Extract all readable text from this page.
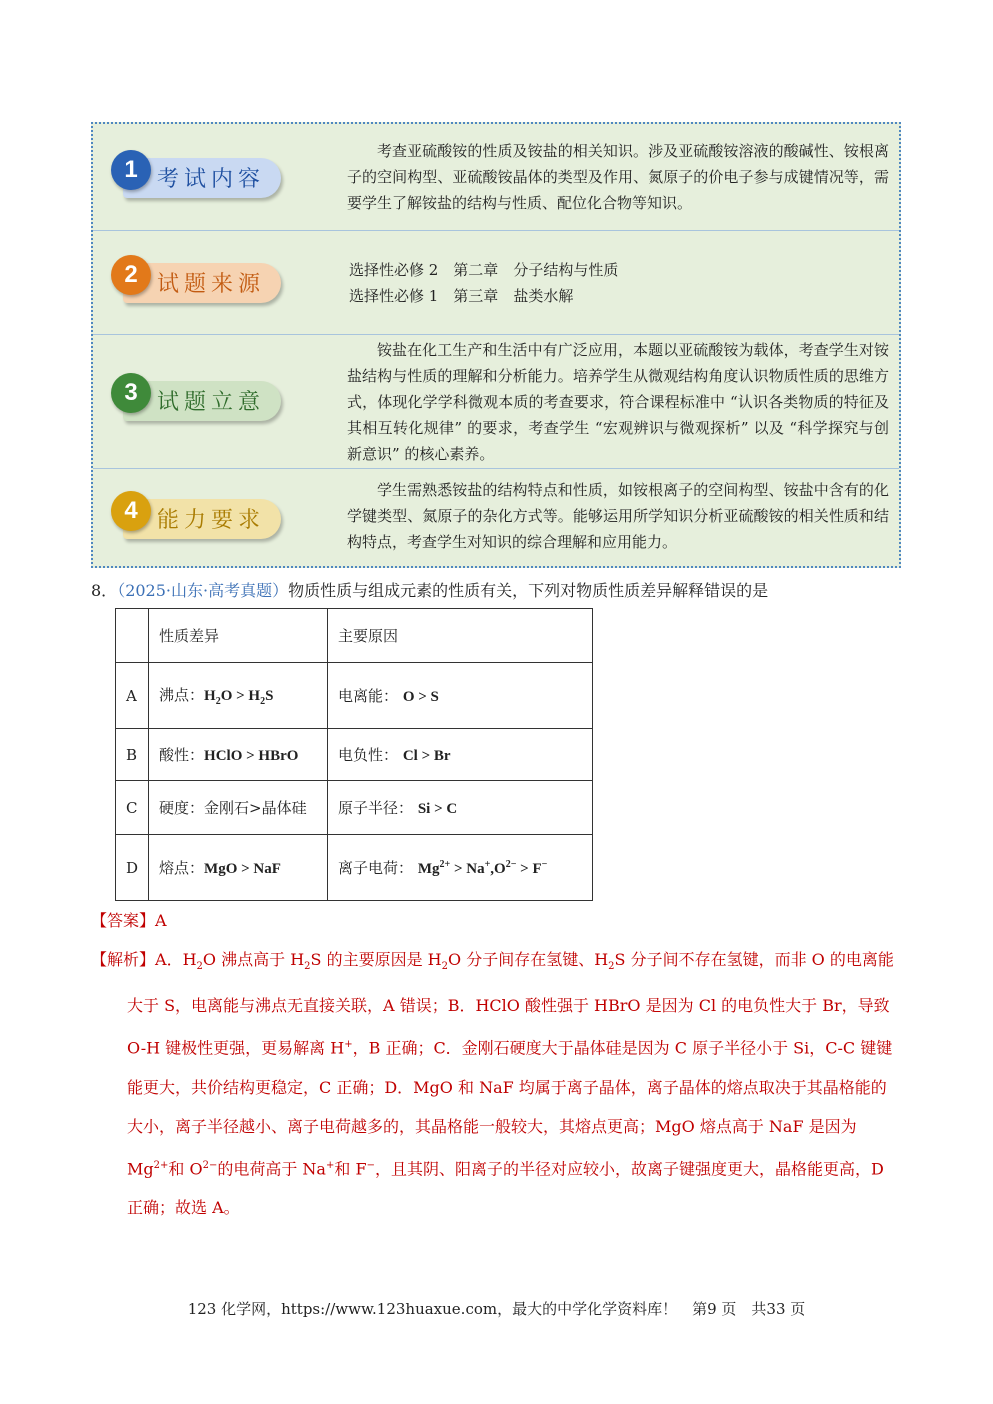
1 考试内容
考查亚硫酸铵的性质及铵盐的相关知识。涉及亚硫酸铵溶液的酸碱性、铵根离子的空间构型、亚硫酸铵晶体的类型及作用、氮原子的价电子参与成键情况等，需要学生了解铵盐的结构与性质、配位化合物等知识。
2 试题来源
选择性必修 2　第二章　分子结构与性质
选择性必修 1　第三章　盐类水解
3 试题立意
铵盐在化工生产和生活中有广泛应用，本题以亚硫酸铵为载体，考查学生对铵盐结构与性质的理解和分析能力。培养学生从微观结构角度认识物质性质的思维方式，体现化学学科微观本质的考查要求，符合课程标准中 “认识各类物质的特征及其相互转化规律” 的要求，考查学生 “宏观辨识与微观探析” 以及 “科学探究与创新意识” 的核心素养。
4 能力要求
学生需熟悉铵盐的结构特点和性质，如铵根离子的空间构型、铵盐中含有的化学键类型、氮原子的杂化方式等。能够运用所学知识分析亚硫酸铵的相关性质和结构特点，考查学生对知识的综合理解和应用能力。
8．（2025·山东·高考真题）物质性质与组成元素的性质有关，下列对物质性质差异解释错误的是
	性质差异	主要原因
A	沸点：$H_2O > H_2S$	电离能： O > S
B	酸性：HClO > HBrO	电负性： Cl > Br
C	硬度：金刚石>晶体硅	原子半径： Si > C
D	熔点：MgO > NaF	离子电荷： $Mg^{2+} > Na^+,O^{2-} > F^-$
【答案】A

【解析】A．$H_2O$ 沸点高于 $H_2S$ 的主要原因是 $H_2O$ 分子间存在氢键、$H_2S$ 分子间不存在氢键，而非 O 的电离能大于 S，电离能与沸点无直接关联，A 错误；B．HClO 酸性强于 HBrO 是因为 Cl 的电负性大于 Br，导致 O-H 键极性更强，更易解离 H+，B 正确；C．金刚石硬度大于晶体硅是因为 C 原子半径小于 Si，C-C 键键能更大，共价结构更稳定，C 正确；D．MgO 和 NaF 均属于离子晶体，离子晶体的熔点取决于其晶格能的大小，离子半径越小、离子电荷越多的，其晶格能一般较大，其熔点更高；MgO 熔点高于 NaF 是因为 $Mg^{2+}$和 $O^{2-}$的电荷高于 Na+和 F−，且其阴、阳离子的半径对应较小，故离子键强度更大，晶格能更高，D 正确；故选 A。

123 化学网，https://www.123huaxue.com，最大的中学化学资料库！　第9 页　共33 页
